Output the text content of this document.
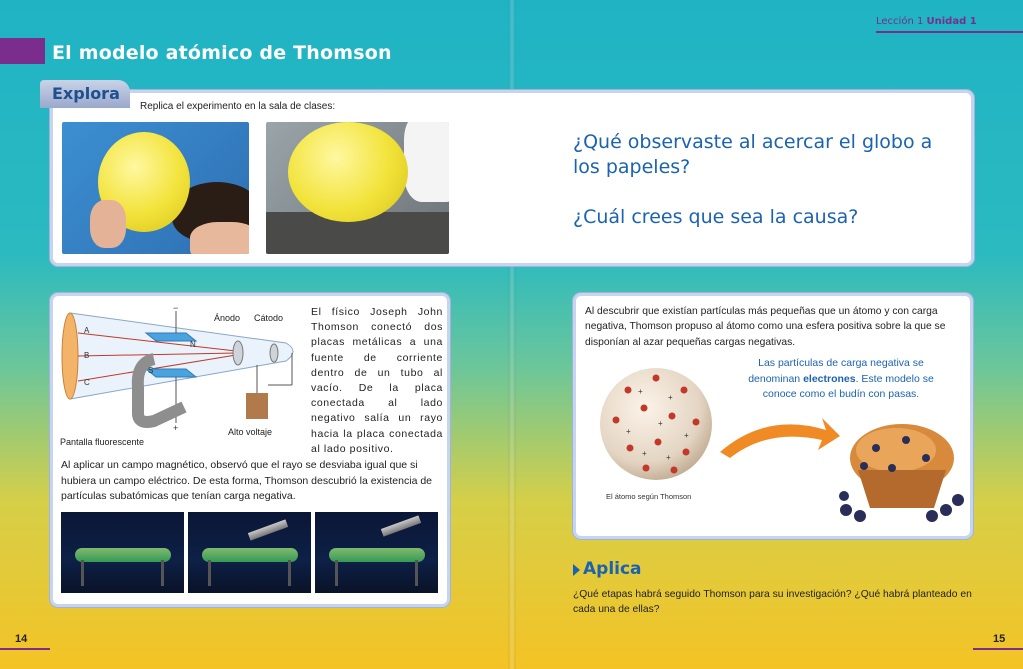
El modelo atómico de Thomson
Lección 1 Unidad 1
Explora
Replica el experimento en la sala de clases:
¿Qué observaste al acercar el globo a los papeles?
¿Cuál crees que sea la causa?
A
B
C
N
S
−
+
Ánodo Cátodo
Alto voltaje
Pantalla fluorescente
El físico Joseph John Thomson conectó dos placas metálicas a una fuente de corriente dentro de un tubo al vacío. De la placa conectada al lado negativo salía un rayo hacia la placa conectada al lado positivo.
Al aplicar un campo magnético, observó que el rayo se desviaba igual que si hubiera un campo eléctrico. De esta forma, Thomson descubrió la existencia de partículas subatómicas que tenían carga negativa.
Al descubrir que existían partículas más pequeñas que un átomo y con carga negativa, Thomson propuso al átomo como una esfera positiva sobre la que se disponían al azar pequeñas cargas negativas.
+
+
+
+
+
+ +
El átomo según Thomson
Las partículas de carga negativa se denominan electrones. Este modelo se conoce como el budín con pasas.
Aplica
¿Qué etapas habrá seguido Thomson para su investigación? ¿Qué habrá planteado en cada una de ellas?
14	15
